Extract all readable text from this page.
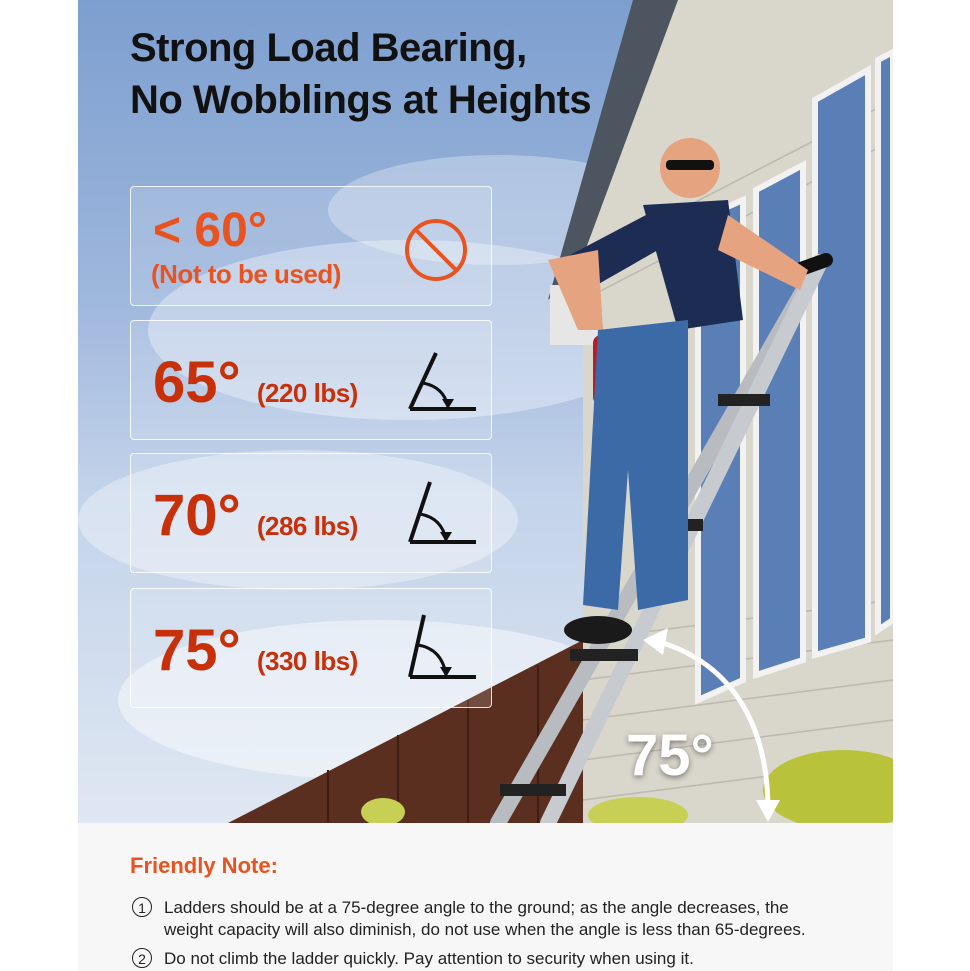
Strong Load Bearing,
No Wobblings at Heights
< 60°
(Not to be used)
65° (220 lbs)
70° (286 lbs)
75° (330 lbs)
75°
Friendly Note:
1	Ladders should be at a 75-degree angle to the ground; as the angle decreases, the weight capacity will also diminish, do not use when the angle is less than 65-degrees.
2	Do not climb the ladder quickly. Pay attention to security when using it.
